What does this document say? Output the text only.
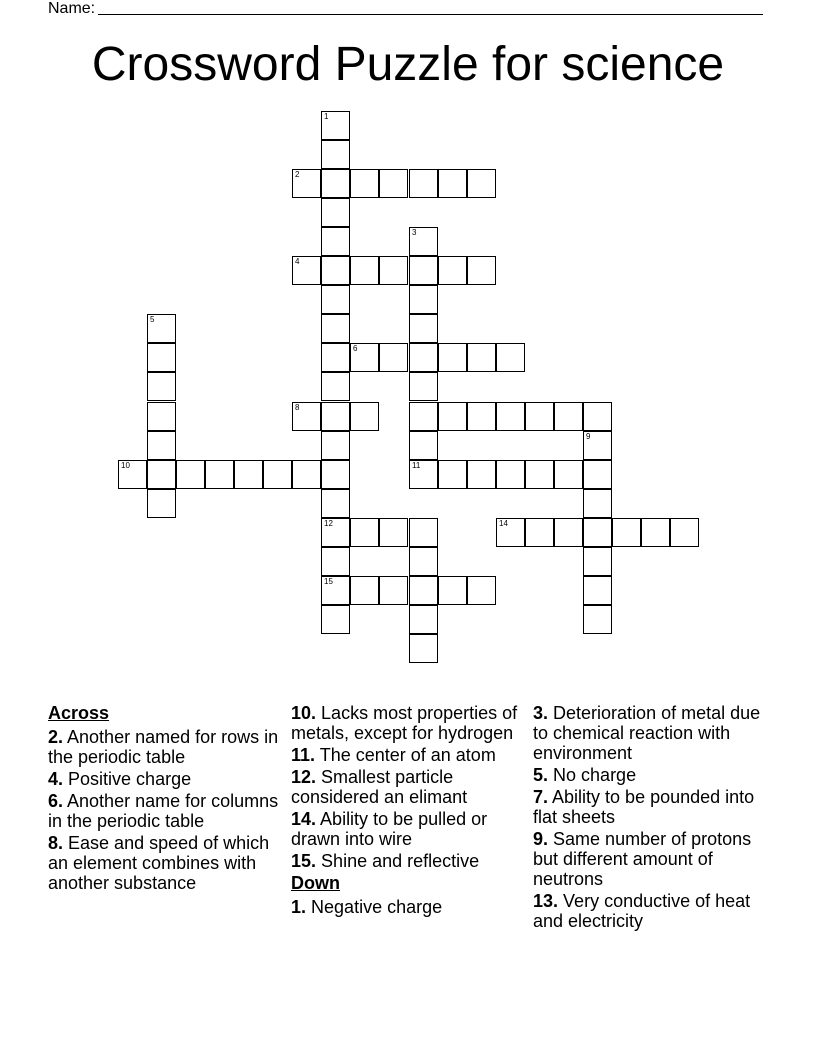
Name:
Crossword Puzzle for science
1
2
3
4
5
6
8
9
10	11
12	14
15
Across
2. Another named for rows in the periodic table
4. Positive charge
6. Another name for columns in the periodic table
8. Ease and speed of which an element combines with another substance
10. Lacks most properties of metals, except for hydrogen
11. The center of an atom
12. Smallest particle considered an elimant
14. Ability to be pulled or drawn into wire
15. Shine and reflective
Down
1. Negative charge
3. Deterioration of metal due to chemical reaction with environment
5. No charge
7. Ability to be pounded into flat sheets
9. Same number of protons but different amount of neutrons
13. Very conductive of heat and electricity
